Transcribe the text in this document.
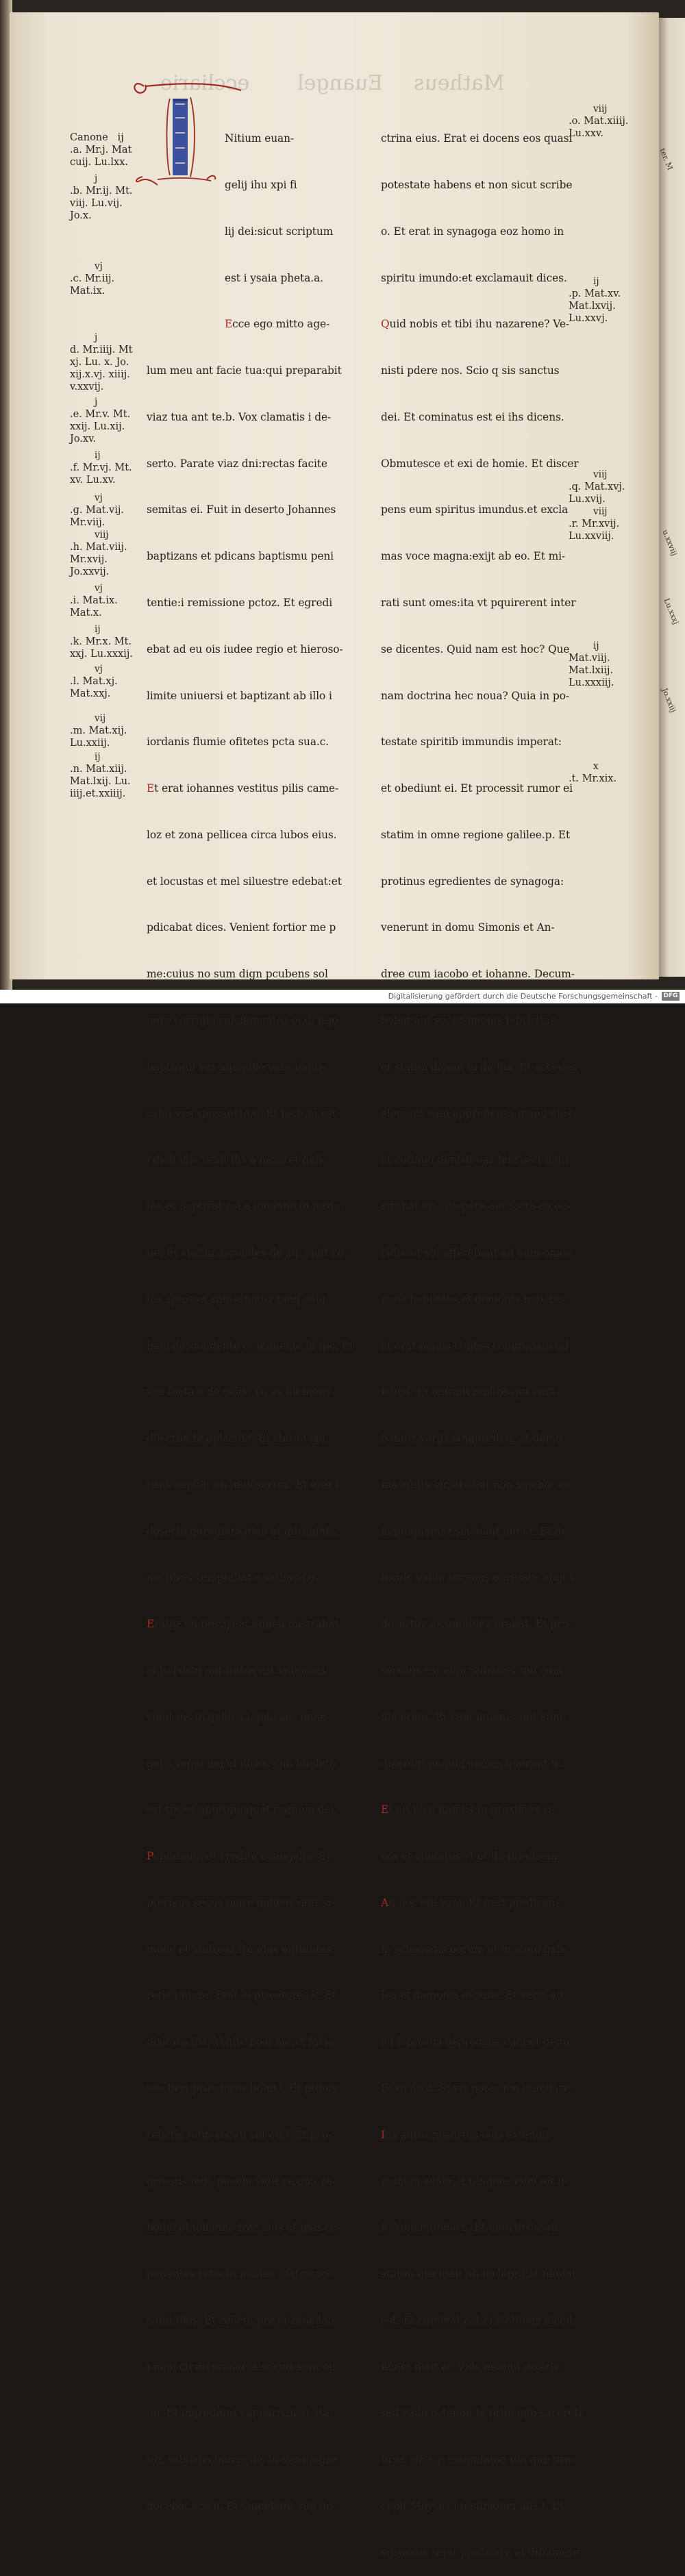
Matheus
Euangel
eccliarie
ter. M
u.xxviij
Lu.xxxj
Jo.xxiij

Nitium euan-

gelij ihu xpi fi

lij dei:sicut scriptum

est i ysaia pheta.a.

Ecce ego mitto age-

lum meu ant facie tua:qui preparabit

viaz tua ant te.b. Vox clamatis i de-

serto. Parate viaz dni:rectas facite

semitas ei. Fuit in deserto Johannes

baptizans et pdicans baptismu peni

tentie:i remissione pctoz. Et egredi

ebat ad eu ois iudee regio et hieroso-

limite uniuersi et baptizant ab illo i

iordanis flumie ofitetes pcta sua.c.

Et erat iohannes vestitus pilis came-

loz et zona pellicea circa lubos eius.

et locustas et mel siluestre edebat:et

pdicabat dices. Venient fortior me p

me:cuius no sum dign pcubens sol

uere corrigia calciamentoz ei.d. Ego

baptizaui vos aqua:ille vero bapti-

zabit vos spusancto.e. Et factum est

i dieb illis:venit ihs a nazaret gali-

lee et baptizat est a iohanne in iorda-

ne. Et statim ascendes de aq. vidit ce-

los aptos:et spmsanctuz tanq colu-

bam descendente et manente in ipo. Et

vox facta e de celis. Tu es fili meus

dilect:in te oplacui.f. Et statim spi

ritus expulit eu in desertuz. Et erat i

deserto qdraginta dieb et qdraginta

noctib:et temptabat a sathana.g.

Eratqz cu bestijs:et angeli mistrabat

ei.h. Postq aut tditus est iohannes:

venit ihs in galilea.i. pdicans euan-

geliu regni dei et dices. Qm impletu

est tps:et appropinquat regnum dei.

Penitemini:et credite euangelio. Et

pteriens secus mare galilee:vidit si-

mone et andreaz fre eius mittentes

retia i mare. Erat ei piscatores.k. Et

dixit eis ihs. Venite post me:et facia

vos fieri piscatores hoim.l. Et ptinus

relictis retib secuti sut eu.l. Et pro-

gressus inde pusillu vidit iacobu ze-

bedei et iohanne frez eius et ipos co-

ponentes retia in naui:et statim vo-

cauit illos. Et relicto pre ei zebedeo

i naui cu mercenarijs:secuti sunt eu

.m. Et ingrediunt capharnau:et sta-

tim sabbatis ingressus in synagogaz

docebat eos.n. Et stupebant sup do-

ctrina eius. Erat ei docens eos quasi

potestate habens et non sicut scribe

o. Et erat in synagoga eoz homo in

spiritu imundo:et exclamauit dices.

Quid nobis et tibi ihu nazarene? Ve-

nisti pdere nos. Scio q sis sanctus

dei. Et cominatus est ei ihs dicens.

Obmutesce et exi de homie. Et discer

pens eum spiritus imundus.et excla

mas voce magna:exijt ab eo. Et mi-

rati sunt omes:ita vt pquirerent inter

se dicentes. Quid nam est hoc? Que

nam doctrina hec noua? Quia in po-

testate spiritib immundis imperat:

et obediunt ei. Et processit rumor ei

statim in omne regione galilee.p. Et

protinus egredientes de synagoga:

venerunt in domu Simonis et An-

dree cum iacobo et iohanne. Decum-

bebat aut socr Simonis febricitas:

et statim dicunt ei de illa. Et accedes

eleuauit eam apprehensa manu eius:

et cotinuo dimisit eaz febris:et mini

strabat eis. Vespere aut facto cu oc-

cidisset sol:afferebant ad eum omes

male habentes.et demonia habetes:

et erat omnis ciuitas congregata ad

ianua. Et curauit multos qui vexa-

bantur varijs languorib.q. et demo

nia multa eiciebat:et non sinebat ea

loqui:quoniaz sciebant eum.r. Et di

luculo valde surgens egressus abijt i

desertuz locum:ibiqz orabat. Et pro-

secutus est eum Simon:et qui cum

illo erant. Et cum inuenissent eum:

dixerunt ei.quia omnes querunt te.

Et ait illis. Eamus in proximos vi-

cos et ciuitates:vt et ibi predicem.

Ad hoc eni veni. Et erat predicans

in synagogis eorum et in omni gali-

lea et demonia eiciens. Et venit ad

eu leprosus deprecans eum:et genu

flexo dixit. Si vis potes me mundare.

Ihs autez misertus eius extendit

manum suam:et tangens eum ait il-

li. Volo:mundare. Et cum dixisset:

statim discessit ab eo lepra:et mudat

est. Et cominat est ei statimqz eiecit

illu:et dixit ei. Vide nemini dixeris:

sed vade ostende te principib saceroti

tu:et offer p emundatoe tua que pre-

cepit Moyses i testimoniu illis.t. Et

egressus cepit predicare et diffamare

Canone   ij
.a. Mr.j. Mat
cuij. Lu.lxx.
j
.b. Mr.ij. Mt.
viij. Lu.vij.
Jo.x.
vj
.c. Mr.iij.
Mat.ix.
j
d. Mr.iiij. Mt
xj. Lu. x. Jo.
xij.x.vj. xiiij.
v.xxvij.
j
.e. Mr.v. Mt.
xxij. Lu.xij.
Jo.xv.
ij
.f. Mr.vj. Mt.
xv. Lu.xv.
vj
.g. Mat.vij.
Mr.viij.
viij
.h. Mat.viij.
Mr.xvij.
Jo.xxvij.
vj
.i. Mat.ix.
Mat.x.
ij
.k. Mr.x. Mt.
xxj. Lu.xxxij.
vj
.l. Mat.xj.
Mat.xxj.
vij
.m. Mat.xij.
Lu.xxiij.
ij
.n. Mat.xiij.
Mat.lxij. Lu.
iiij.et.xxiiij.
viij
.o. Mat.xiiij.
Lu.xxv.
ij
.p. Mat.xv.
Mat.lxvij.
Lu.xxvj.
viij
.q. Mat.xvj.
Lu.xvij.
viij
.r. Mr.xvij.
Lu.xxviij.
ij
Mat.viij.
Mat.lxiij.
Lu.xxxiij.
x
.t. Mr.xix.
Digitalisierung gefördert durch die Deutsche Forschungsgemeinschaft - DFG
